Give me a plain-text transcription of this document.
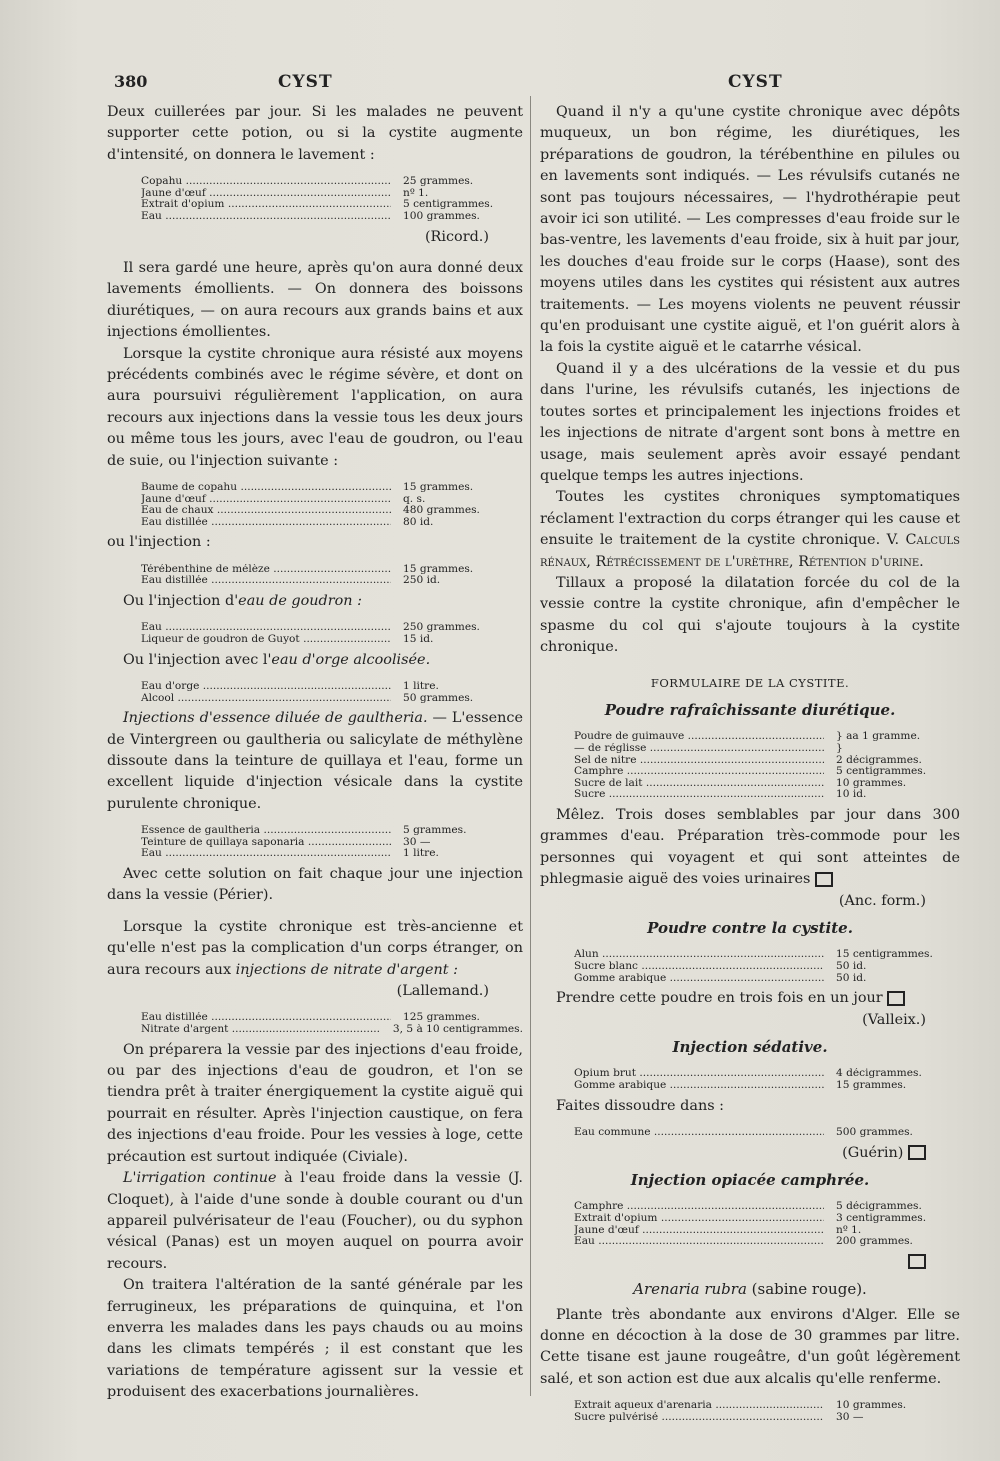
380	CYST	CYST

Deux cuillerées par jour. Si les malades ne peuvent supporter cette potion, ou si la cystite augmente d'intensité, on donnera le lavement :

Copahu .....	25 grammes.
Jaune d'œuf .....	nº 1.
Extrait d'opium .....	5 centigrammes.
Eau .....	100 grammes.
(Ricord.)

Il sera gardé une heure, après qu'on aura donné deux lavements émollients. — On donnera des boissons diurétiques, — on aura recours aux grands bains et aux injections émollientes.

Lorsque la cystite chronique aura résisté aux moyens précédents combinés avec le régime sévère, et dont on aura poursuivi régulièrement l'application, on aura recours aux injections dans la vessie tous les deux jours ou même tous les jours, avec l'eau de goudron, ou l'eau de suie, ou l'injection suivante :

Baume de copahu .....	15 grammes.
Jaune d'œuf .....	q. s.
Eau de chaux .....	480 grammes.
Eau distillée .....	80 id.

ou l'injection :

Térébenthine de mélèze .....	15 grammes.
Eau distillée .....	250 id.

Ou l'injection d'eau de goudron :

Eau .....	250 grammes.
Liqueur de goudron de Guyot .....	15 id.

Ou l'injection avec l'eau d'orge alcoolisée.

Eau d'orge .....	1 litre.
Alcool .....	50 grammes.

Injections d'essence diluée de gaultheria. — L'essence de Vintergreen ou gaultheria ou salicylate de méthylène dissoute dans la teinture de quillaya et l'eau, forme un excellent liquide d'injection vésicale dans la cystite purulente chronique.

Essence de gaultheria .....	5 grammes.
Teinture de quillaya saponaria .....	30 —
Eau .....	1 litre.

Avec cette solution on fait chaque jour une injection dans la vessie (Périer).

Lorsque la cystite chronique est très-ancienne et qu'elle n'est pas la complication d'un corps étranger, on aura recours aux injections de nitrate d'argent :

(Lallemand.)
Eau distillée .....	125 grammes.
Nitrate d'argent .....	3, 5 à 10 centigrammes.

On préparera la vessie par des injections d'eau froide, ou par des injections d'eau de goudron, et l'on se tiendra prêt à traiter énergiquement la cystite aiguë qui pourrait en résulter. Après l'injection caustique, on fera des injections d'eau froide. Pour les vessies à loge, cette précaution est surtout indiquée (Civiale).

L'irrigation continue à l'eau froide dans la vessie (J. Cloquet), à l'aide d'une sonde à double courant ou d'un appareil pulvérisateur de l'eau (Foucher), ou du syphon vésical (Panas) est un moyen auquel on pourra avoir recours.

On traitera l'altération de la santé générale par les ferrugineux, les préparations de quinquina, et l'on enverra les malades dans les pays chauds ou au moins dans les climats tempérés ; il est constant que les variations de température agissent sur la vessie et produisent des exacerbations journalières.

Quand il n'y a qu'une cystite chronique avec dépôts muqueux, un bon régime, les diurétiques, les préparations de goudron, la térébenthine en pilules ou en lavements sont indiqués. — Les révulsifs cutanés ne sont pas toujours nécessaires, — l'hydrothérapie peut avoir ici son utilité. — Les compresses d'eau froide sur le bas-ventre, les lavements d'eau froide, six à huit par jour, les douches d'eau froide sur le corps (Haase), sont des moyens utiles dans les cystites qui résistent aux autres traitements. — Les moyens violents ne peuvent réussir qu'en produisant une cystite aiguë, et l'on guérit alors à la fois la cystite aiguë et le catarrhe vésical.

Quand il y a des ulcérations de la vessie et du pus dans l'urine, les révulsifs cutanés, les injections de toutes sortes et principalement les injections froides et les injections de nitrate d'argent sont bons à mettre en usage, mais seulement après avoir essayé pendant quelque temps les autres injections.

Toutes les cystites chroniques symptomatiques réclament l'extraction du corps étranger qui les cause et ensuite le traitement de la cystite chronique. V. Calculs rénaux, Rétrécissement de l'urèthre, Rétention d'urine.

Tillaux a proposé la dilatation forcée du col de la vessie contre la cystite chronique, afin d'empêcher le spasme du col qui s'ajoute toujours à la cystite chronique.

FORMULAIRE DE LA CYSTITE.
Poudre rafraîchissante diurétique.
Poudre de guimauve .....	} aa 1 gramme.
— de réglisse .....	}
Sel de nitre .....	2 décigrammes.
Camphre .....	5 centigrammes.
Sucre de lait .....	10 grammes.
Sucre .....	10 id.

Mêlez. Trois doses semblables par jour dans 300 grammes d'eau. Préparation très-commode pour les personnes qui voyagent et qui sont atteintes de phlegmasie aiguë des voies urinaires

(Anc. form.)
Poudre contre la cystite.
Alun .....	15 centigrammes.
Sucre blanc .....	50 id.
Gomme arabique .....	50 id.

Prendre cette poudre en trois fois en un jour

(Valleix.)
Injection sédative.
Opium brut .....	4 décigrammes.
Gomme arabique .....	15 grammes.

Faites dissoudre dans :

Eau commune .....	500 grammes.
(Guérin)
Injection opiacée camphrée.
Camphre .....	5 décigrammes.
Extrait d'opium .....	3 centigrammes.
Jaune d'œuf .....	nº 1.
Eau .....	200 grammes.
Arenaria rubra (sabine rouge).

Plante très abondante aux environs d'Alger. Elle se donne en décoction à la dose de 30 grammes par litre. Cette tisane est jaune rougeâtre, d'un goût légèrement salé, et son action est due aux alcalis qu'elle renferme.

Extrait aqueux d'arenaria .....	10 grammes.
Sucre pulvérisé .....	30 —
